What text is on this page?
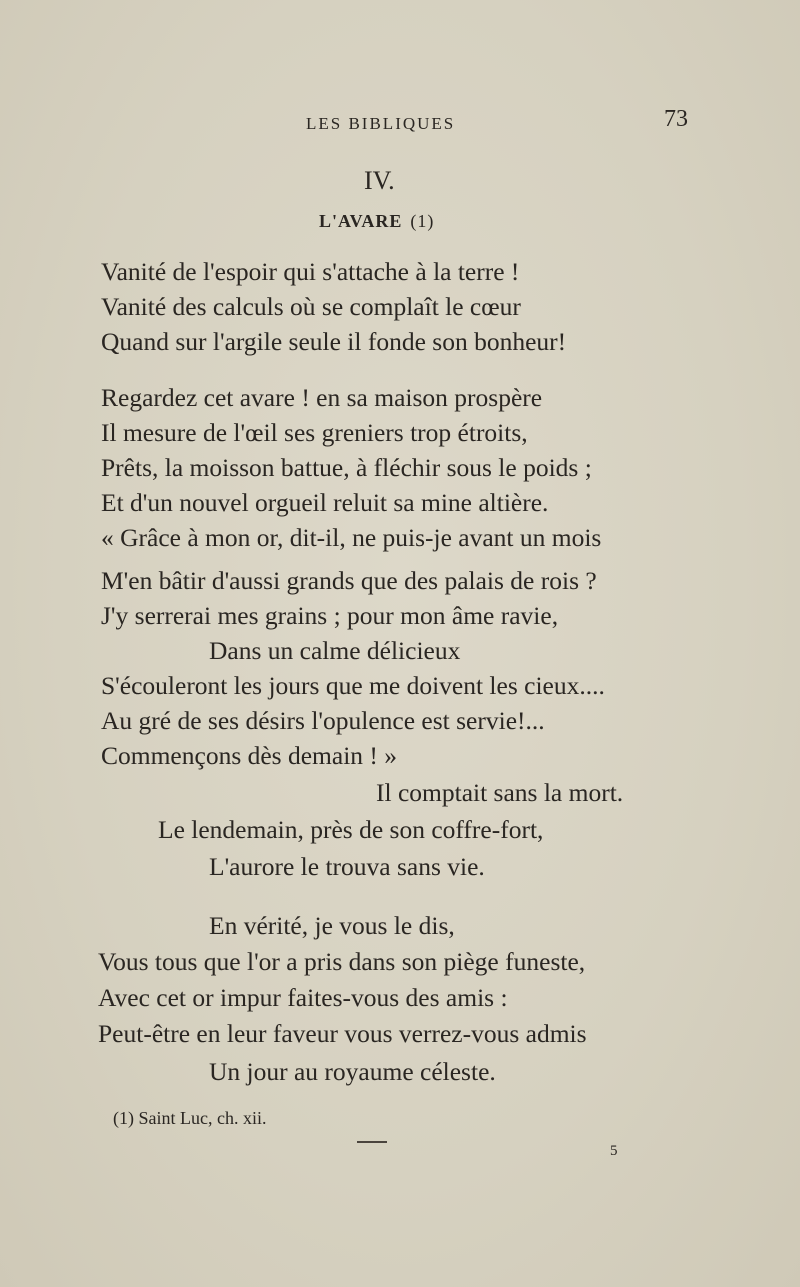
LES BIBLIQUES	73
IV.
L'AVARE (1)
Vanité de l'espoir qui s'attache à la terre !
Vanité des calculs où se complaît le cœur
Quand sur l'argile seule il fonde son bonheur!
Regardez cet avare ! en sa maison prospère
Il mesure de l'œil ses greniers trop étroits,
Prêts, la moisson battue, à fléchir sous le poids ;
Et d'un nouvel orgueil reluit sa mine altière.
« Grâce à mon or, dit-il, ne puis-je avant un mois
M'en bâtir d'aussi grands que des palais de rois ?
J'y serrerai mes grains ; pour mon âme ravie,
Dans un calme délicieux
S'écouleront les jours que me doivent les cieux....
Au gré de ses désirs l'opulence est servie!...
Commençons dès demain ! »
Il comptait sans la mort.
Le lendemain, près de son coffre-fort,
L'aurore le trouva sans vie.
En vérité, je vous le dis,
Vous tous que l'or a pris dans son piège funeste,
Avec cet or impur faites-vous des amis :
Peut-être en leur faveur vous verrez-vous admis
Un jour au royaume céleste.
(1) Saint Luc, ch. xii.
5
